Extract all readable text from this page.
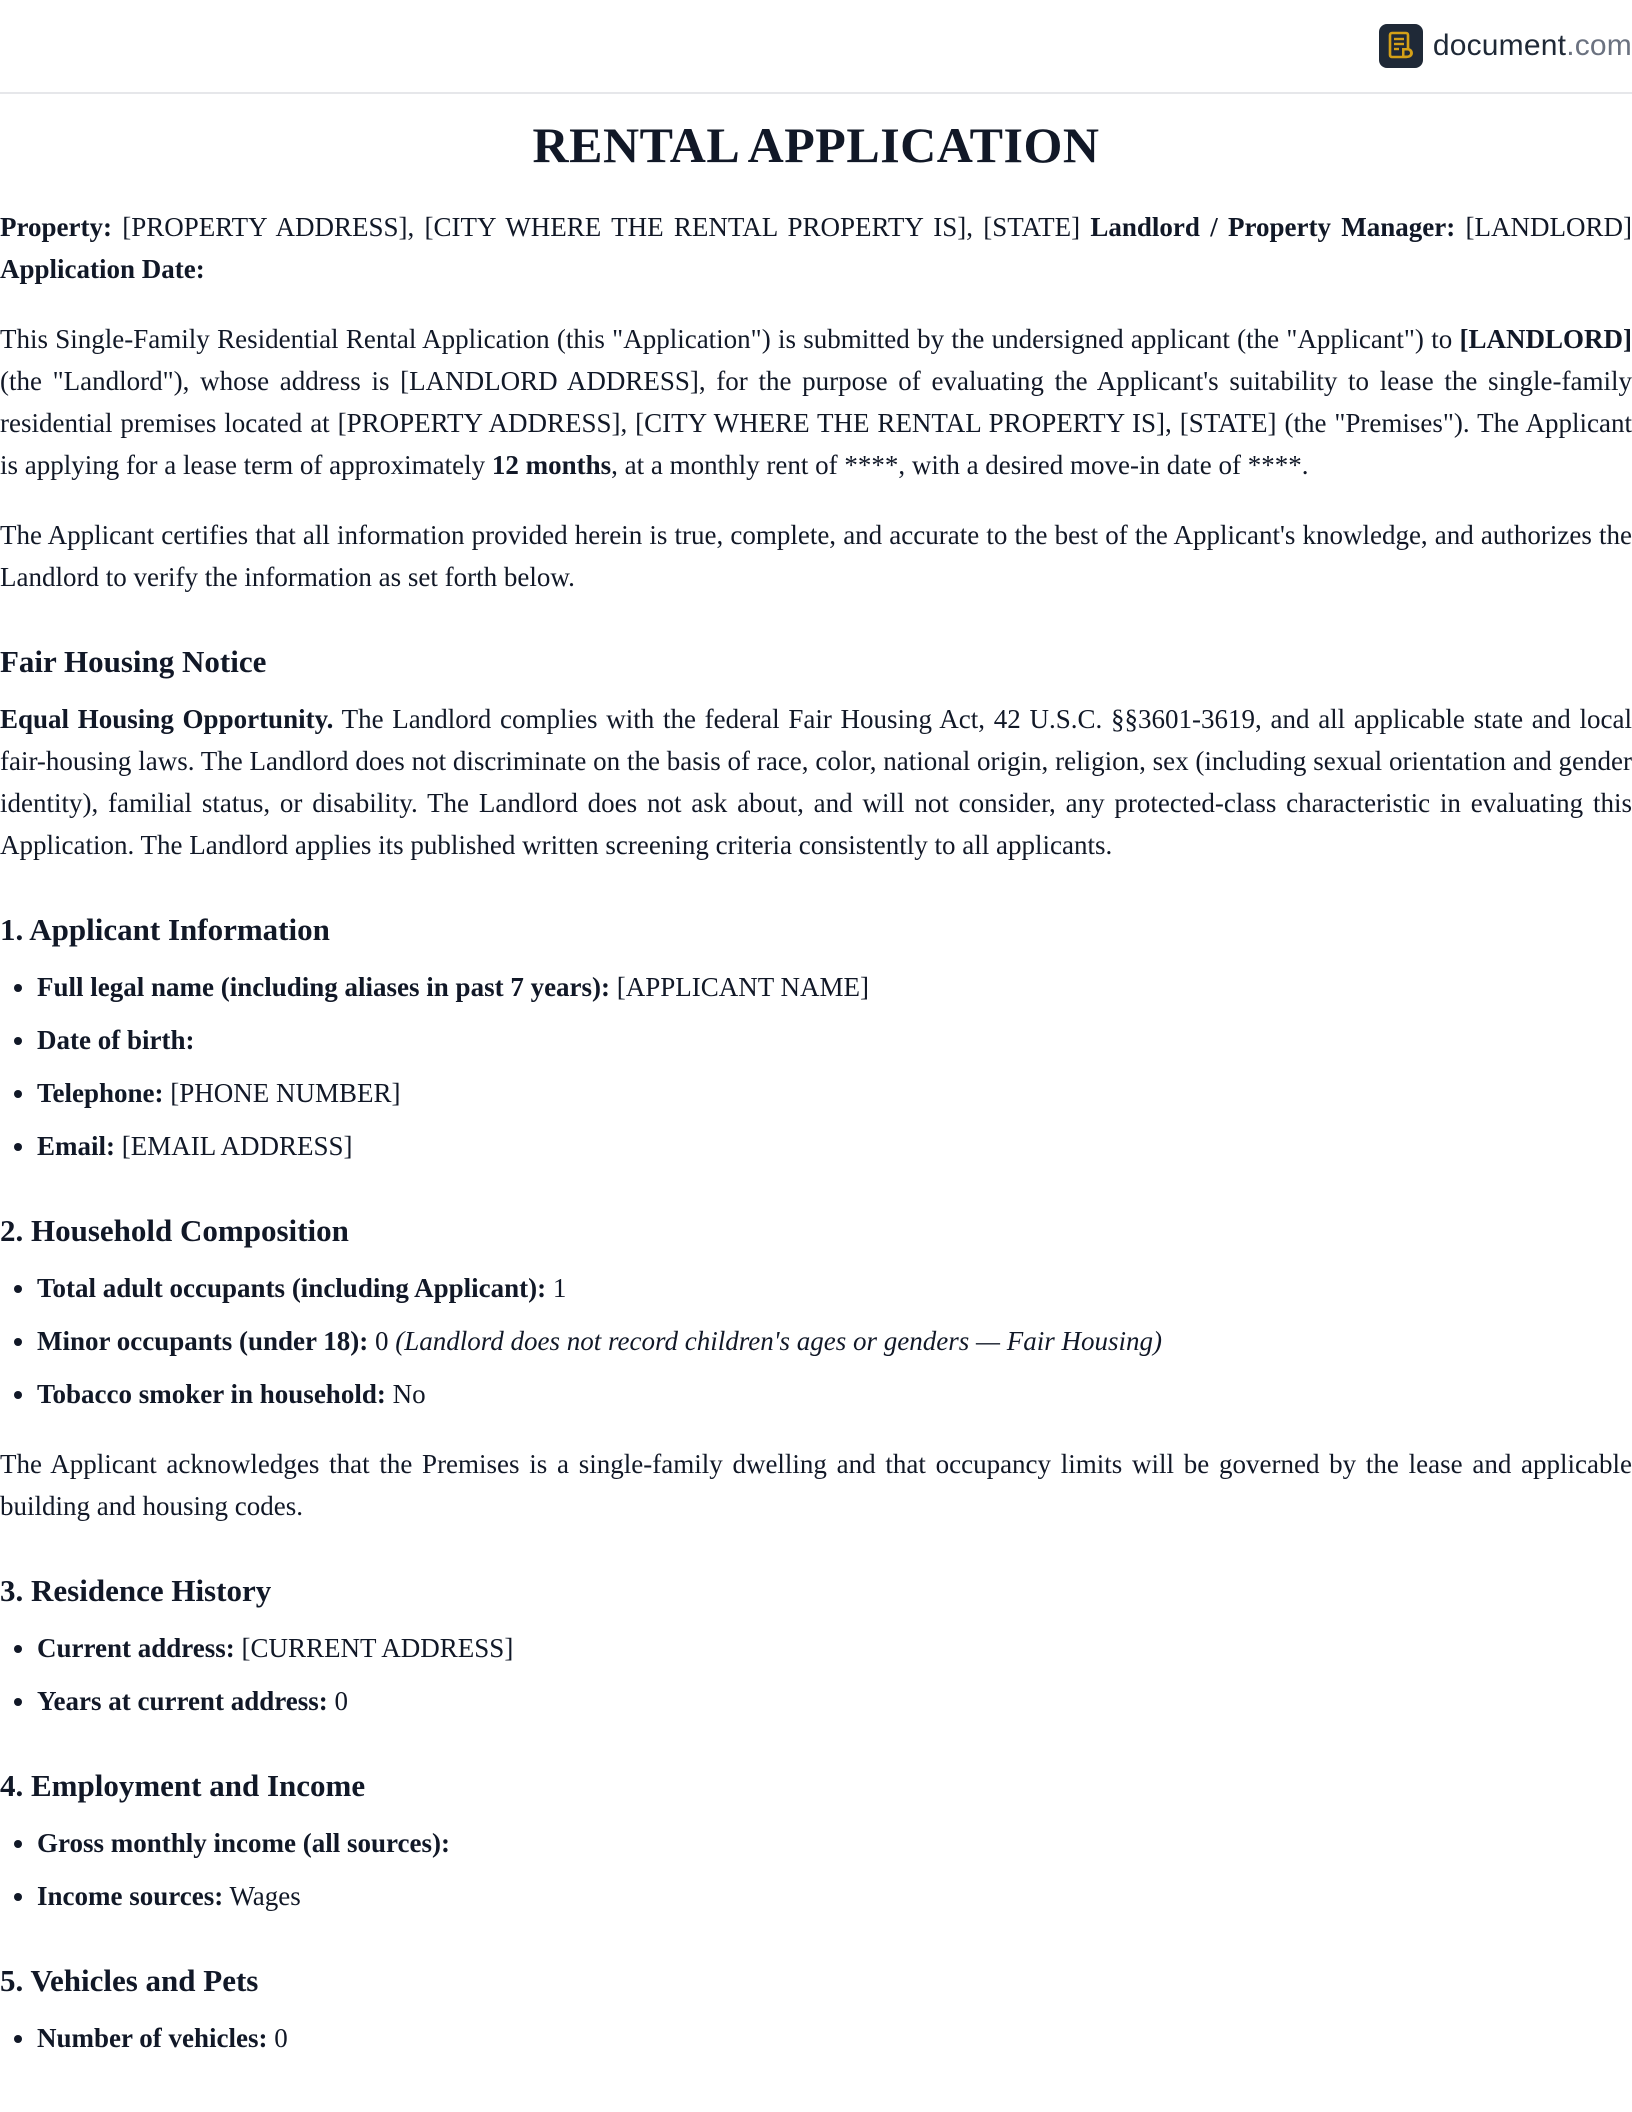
document.com
RENTAL APPLICATION

Property: [PROPERTY ADDRESS], [CITY WHERE THE RENTAL PROPERTY IS], [STATE] Landlord / Property Manager: [LANDLORD] Application Date:

This Single-Family Residential Rental Application (this "Application") is submitted by the undersigned applicant (the "Applicant") to [LANDLORD] (the "Landlord"), whose address is [LANDLORD ADDRESS], for the purpose of evaluating the Applicant's suitability to lease the single-family residential premises located at [PROPERTY ADDRESS], [CITY WHERE THE RENTAL PROPERTY IS], [STATE] (the "Premises"). The Applicant is applying for a lease term of approximately 12 months, at a monthly rent of ****, with a desired move-in date of ****.

The Applicant certifies that all information provided herein is true, complete, and accurate to the best of the Applicant's knowledge, and authorizes the Landlord to verify the information as set forth below.

Fair Housing Notice

Equal Housing Opportunity. The Landlord complies with the federal Fair Housing Act, 42 U.S.C. §§3601-3619, and all applicable state and local fair-housing laws. The Landlord does not discriminate on the basis of race, color, national origin, religion, sex (including sexual orientation and gender identity), familial status, or disability. The Landlord does not ask about, and will not consider, any protected-class characteristic in evaluating this Application. The Landlord applies its published written screening criteria consistently to all applicants.

1. Applicant Information
• Full legal name (including aliases in past 7 years): [APPLICANT NAME]
• Date of birth:
• Telephone: [PHONE NUMBER]
• Email: [EMAIL ADDRESS]
2. Household Composition
• Total adult occupants (including Applicant): 1
• Minor occupants (under 18): 0 (Landlord does not record children's ages or genders — Fair Housing)
• Tobacco smoker in household: No

The Applicant acknowledges that the Premises is a single-family dwelling and that occupancy limits will be governed by the lease and applicable building and housing codes.

3. Residence History
• Current address: [CURRENT ADDRESS]
• Years at current address: 0
4. Employment and Income
• Gross monthly income (all sources):
• Income sources: Wages
5. Vehicles and Pets
• Number of vehicles: 0
